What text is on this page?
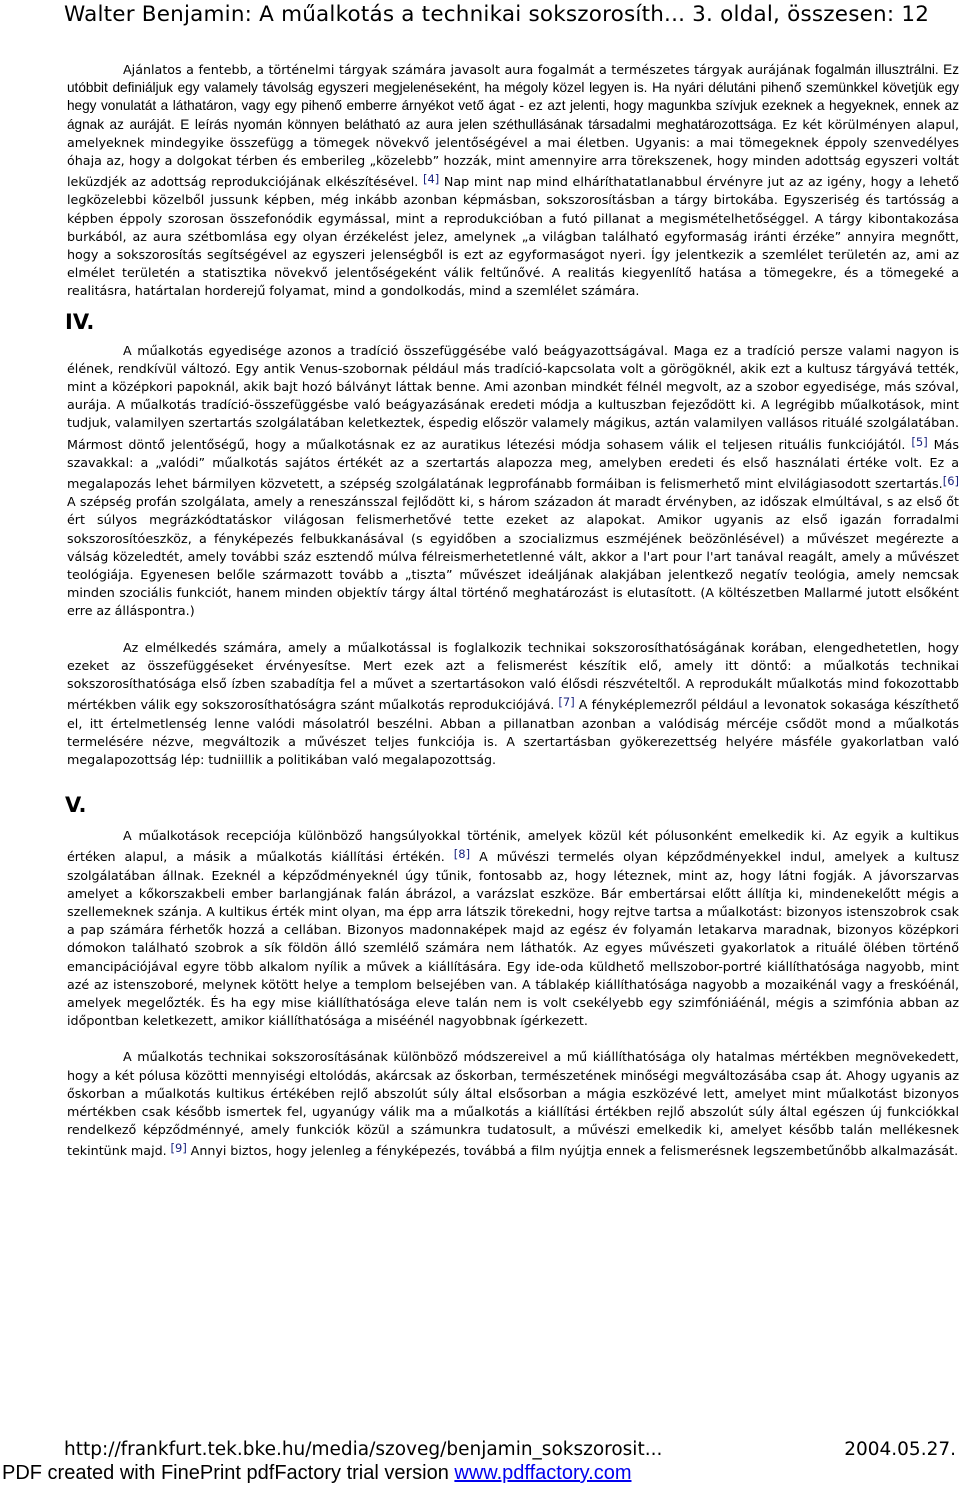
Walter Benjamin: A műalkotás a technikai sokszorosíth... 3. oldal, összesen: 12

Ajánlatos a fentebb, a történelmi tárgyak számára javasolt aura fogalmát a természetes tárgyak aurájának fogalmán illusztrálni. Ez utóbbit definiáljuk egy valamely távolság egyszeri megjelenéseként, ha mégoly közel legyen is. Ha nyári délutáni pihenő szemünkkel követjük egy hegy vonulatát a láthatáron, vagy egy pihenő emberre árnyékot vető ágat - ez azt jelenti, hogy magunkba szívjuk ezeknek a hegyeknek, ennek az ágnak az auráját. E leírás nyomán könnyen belátható az aura jelen széthullásának társadalmi meghatározottsága. Ez két körülményen alapul, amelyeknek mindegyike összefügg a tömegek növekvő jelentőségével a mai életben. Ugyanis: a mai tömegeknek éppoly szenvedélyes óhaja az, hogy a dolgokat térben és emberileg „közelebb” hozzák, mint amennyire arra törekszenek, hogy minden adottság egyszeri voltát leküzdjék az adottság reprodukciójának elkészítésével. [4] Nap mint nap mind elháríthatatlanabbul érvényre jut az az igény, hogy a lehető legközelebbi közelből jussunk képben, még inkább azonban képmásban, sokszorosításban a tárgy birtokába. Egyszeriség és tartósság a képben éppoly szorosan összefonódik egymással, mint a reprodukcióban a futó pillanat a megismételhetőséggel. A tárgy kibontakozása burkából, az aura szétbomlása egy olyan érzékelést jelez, amelynek „a világban található egyformaság iránti érzéke” annyira megnőtt, hogy a sokszorosítás segítségével az egyszeri jelenségből is ezt az egyformaságot nyeri. Így jelentkezik a szemlélet területén az, ami az elmélet területén a statisztika növekvő jelentőségeként válik feltűnővé. A realitás kiegyenlítő hatása a tömegekre, és a tömegeké a realitásra, határtalan horderejű folyamat, mind a gondolkodás, mind a szemlélet számára.

IV.

A műalkotás egyedisége azonos a tradíció összefüggésébe való beágyazottságával. Maga ez a tradíció persze valami nagyon is élének, rendkívül változó. Egy antik Venus-szobornak például más tradíció-kapcsolata volt a görögöknél, akik ezt a kultusz tárgyává tették, mint a középkori papoknál, akik bajt hozó bálványt láttak benne. Ami azonban mindkét félnél megvolt, az a szobor egyedisége, más szóval, aurája. A műalkotás tradíció-összefüggésbe való beágyazásának eredeti módja a kultuszban fejeződött ki. A legrégibb műalkotások, mint tudjuk, valamilyen szertartás szolgálatában keletkeztek, éspedig először valamely mágikus, aztán valamilyen vallásos rituálé szolgálatában. Mármost döntő jelentőségű, hogy a műalkotásnak ez az auratikus létezési módja sohasem válik el teljesen rituális funkciójától. [5] Más szavakkal: a „valódi” műalkotás sajátos értékét az a szertartás alapozza meg, amelyben eredeti és első használati értéke volt. Ez a megalapozás lehet bármilyen közvetett, a szépség szolgálatának legprofánabb formáiban is felismerhető mint elvilágiasodott szertartás.[6] A szépség profán szolgálata, amely a reneszánsszal fejlődött ki, s három századon át maradt érvényben, az időszak elmúltával, s az első őt ért súlyos megrázkódtatáskor világosan felismerhetővé tette ezeket az alapokat. Amikor ugyanis az első igazán forradalmi sokszorosítóeszköz, a fényképezés felbukkanásával (s egyidőben a szocializmus eszméjének beözönlésével) a művészet megérezte a válság közeledtét, amely további száz esztendő múlva félreismerhetetlenné vált, akkor a l'art pour l'art tanával reagált, amely a művészet teológiája. Egyenesen belőle származott tovább a „tiszta” művészet ideáljának alakjában jelentkező negatív teológia, amely nemcsak minden szociális funkciót, hanem minden objektív tárgy által történő meghatározást is elutasított. (A költészetben Mallarmé jutott elsőként erre az álláspontra.)

Az elmélkedés számára, amely a műalkotással is foglalkozik technikai sokszorosíthatóságának korában, elengedhetetlen, hogy ezeket az összefüggéseket érvényesítse. Mert ezek azt a felismerést készítik elő, amely itt döntő: a műalkotás technikai sokszorosíthatósága első ízben szabadítja fel a művet a szertartásokon való élősdi részvételtől. A reprodukált műalkotás mind fokozottabb mértékben válik egy sokszorosíthatóságra szánt műalkotás reprodukciójává. [7] A fényképlemezről például a levonatok sokasága készíthető el, itt értelmetlenség lenne valódi másolatról beszélni. Abban a pillanatban azonban a valódiság mércéje csődöt mond a műalkotás termelésére nézve, megváltozik a művészet teljes funkciója is. A szertartásban gyökerezettség helyére másféle gyakorlatban való megalapozottság lép: tudniillik a politikában való megalapozottság.

V.

A műalkotások recepciója különböző hangsúlyokkal történik, amelyek közül két pólusonként emelkedik ki. Az egyik a kultikus értéken alapul, a másik a műalkotás kiállítási értékén. [8] A művészi termelés olyan képződményekkel indul, amelyek a kultusz szolgálatában állnak. Ezeknél a képződményeknél úgy tűnik, fontosabb az, hogy léteznek, mint az, hogy látni fogják. A jávorszarvas amelyet a kőkorszakbeli ember barlangjának falán ábrázol, a varázslat eszköze. Bár embertársai előtt állítja ki, mindenekelőtt mégis a szellemeknek szánja. A kultikus érték mint olyan, ma épp arra látszik törekedni, hogy rejtve tartsa a műalkotást: bizonyos istenszobrok csak a pap számára férhetők hozzá a cellában. Bizonyos madonnaképek majd az egész év folyamán letakarva maradnak, bizonyos középkori dómokon található szobrok a sík földön álló szemlélő számára nem láthatók. Az egyes művészeti gyakorlatok a rituálé ölében történő emancipációjával egyre több alkalom nyílik a művek a kiállítására. Egy ide-oda küldhető mellszobor-portré kiállíthatósága nagyobb, mint azé az istenszoboré, melynek kötött helye a templom belsejében van. A táblakép kiállíthatósága nagyobb a mozaikénál vagy a freskóénál, amelyek megelőzték. És ha egy mise kiállíthatósága eleve talán nem is volt csekélyebb egy szimfóniáénál, mégis a szimfónia abban az időpontban keletkezett, amikor kiállíthatósága a miséénél nagyobbnak ígérkezett.

A műalkotás technikai sokszorosításának különböző módszereivel a mű kiállíthatósága oly hatalmas mértékben megnövekedett, hogy a két pólusa közötti mennyiségi eltolódás, akárcsak az őskorban, természetének minőségi megváltozásába csap át. Ahogy ugyanis az őskorban a műalkotás kultikus értékében rejlő abszolút súly által elsősorban a mágia eszközévé lett, amelyet mint műalkotást bizonyos mértékben csak később ismertek fel, ugyanúgy válik ma a műalkotás a kiállítási értékben rejlő abszolút súly által egészen új funkciókkal rendelkező képződménnyé, amely funkciók közül a számunkra tudatosult, a művészi emelkedik ki, amelyet később talán mellékesnek tekintünk majd. [9] Annyi biztos, hogy jelenleg a fényképezés, továbbá a film nyújtja ennek a felismerésnek legszembetűnőbb alkalmazását.

http://frankfurt.tek.bke.hu/media/szoveg/benjamin_sokszorosit...	2004.05.27.
PDF created with FinePrint pdfFactory trial version www.pdffactory.com
